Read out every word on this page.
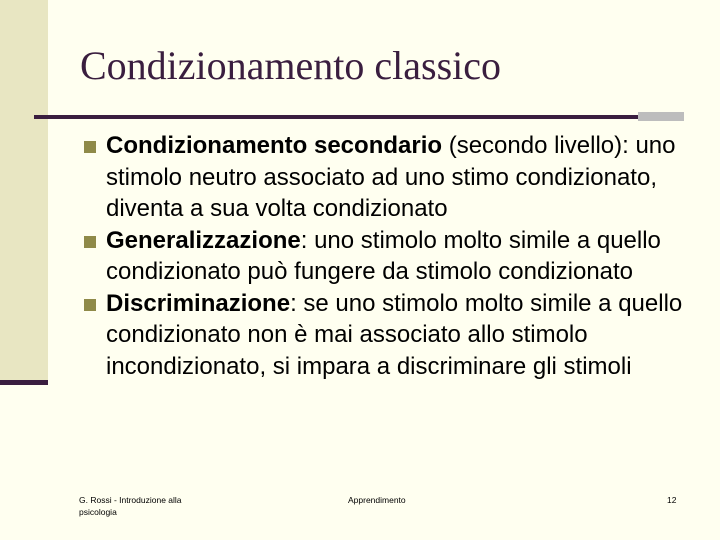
Condizionamento classico
Condizionamento secondario (secondo livello): uno stimolo neutro associato ad uno stimo condizionato, diventa a sua volta condizionato
Generalizzazione: uno stimolo molto simile a quello condizionato può fungere da stimolo condizionato
Discriminazione: se uno stimolo molto simile a quello condizionato non è mai associato allo stimolo incondizionato, si impara a discriminare gli stimoli
G. Rossi - Introduzione alla psicologia
Apprendimento	12
